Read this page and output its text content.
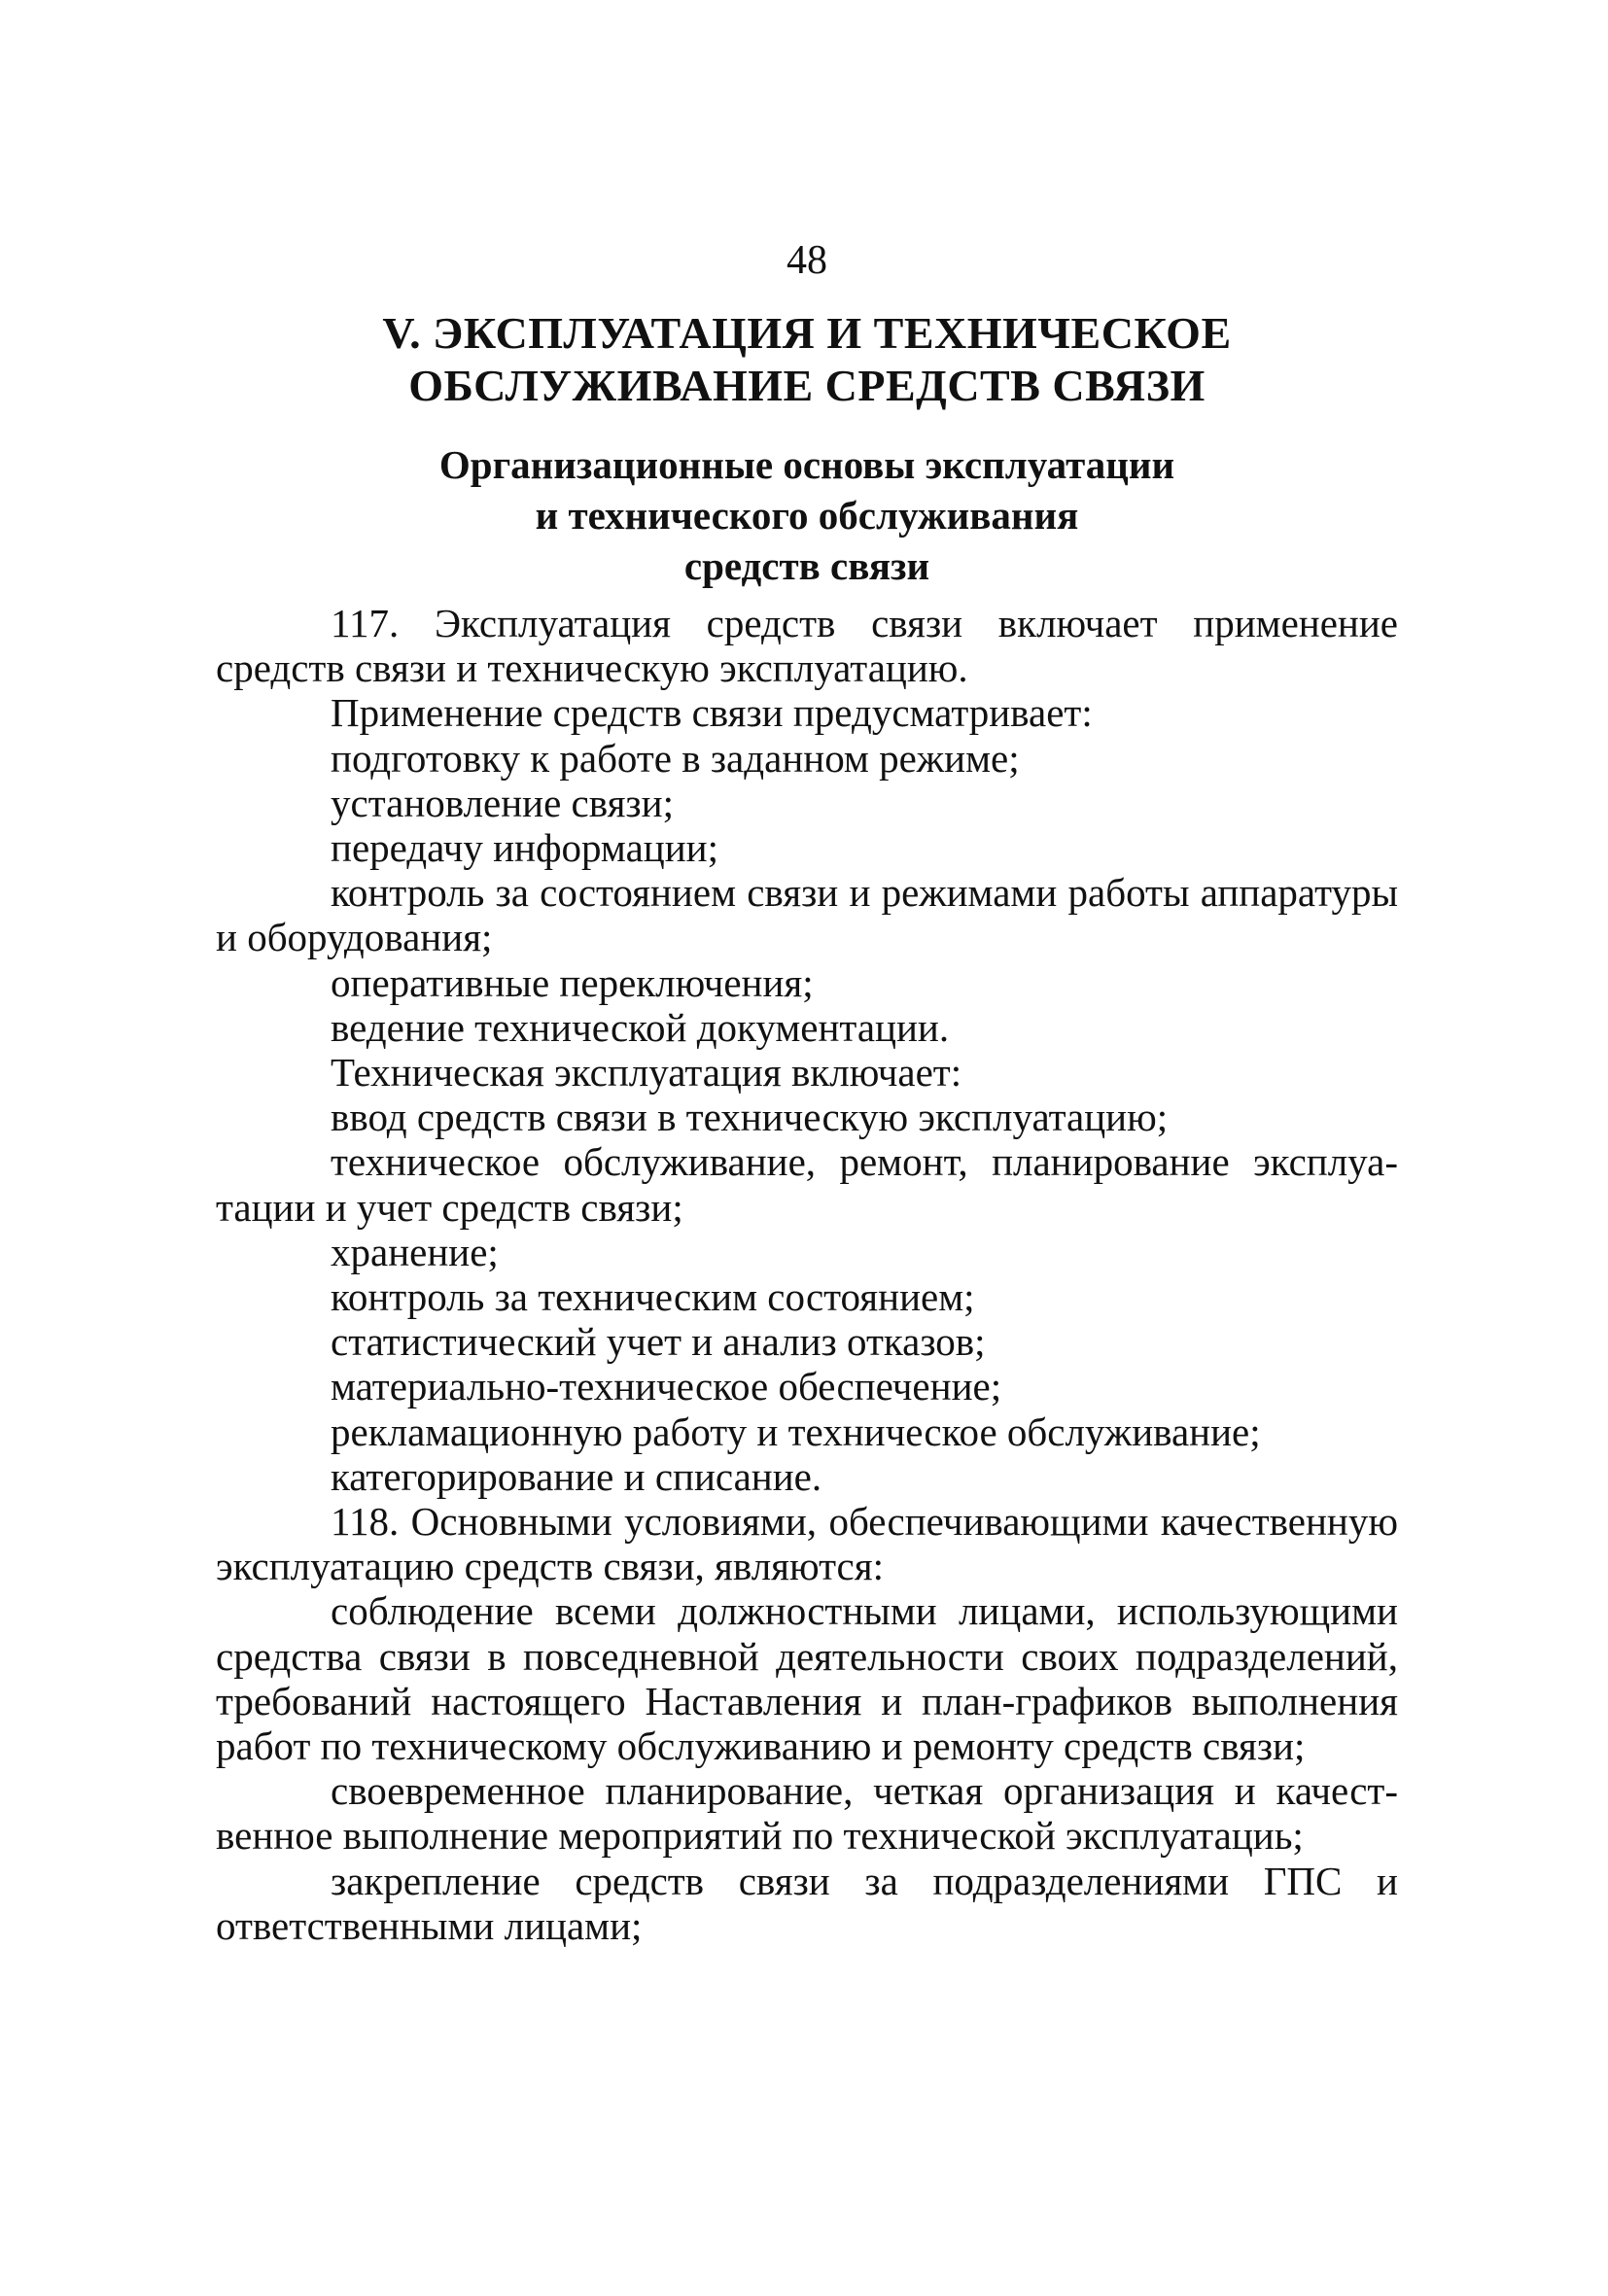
48
V. ЭКСПЛУАТАЦИЯ И ТЕХНИЧЕСКОЕ
ОБСЛУЖИВАНИЕ СРЕДСТВ СВЯЗИ
Организационные основы эксплуатации
и технического обслуживания
средств связи

117. Эксплуатация средств связи включает применение средств связи и техническую эксплуатацию.

Применение средств связи предусматривает:

подготовку к работе в заданном режиме;

установление связи;

передачу информации;

контроль за состоянием связи и режимами работы аппаратуры и оборудования;

оперативные переключения;

ведение технической документации.

Техническая эксплуатация включает:

ввод средств связи в техническую эксплуатацию;

техническое обслуживание, ремонт, планирование эксплуатации и учет средств связи;

хранение;

контроль за техническим состоянием;

статистический учет и анализ отказов;

материально-техническое обеспечение;

рекламационную работу и техническое обслуживание;

категорирование и списание.

118. Основными условиями, обеспечивающими качественную эксплуатацию средств связи, являются:

соблюдение всеми должностными лицами, использующими средства связи в повседневной деятельности своих подразделений, требований настоящего Наставления и план-графиков выполнения работ по техническому обслуживанию и ремонту средств связи;

своевременное планирование, четкая организация и качественное выполнение мероприятий по технической эксплуатациь;

закрепление средств связи за подразделениями ГПС и ответственными лицами;
